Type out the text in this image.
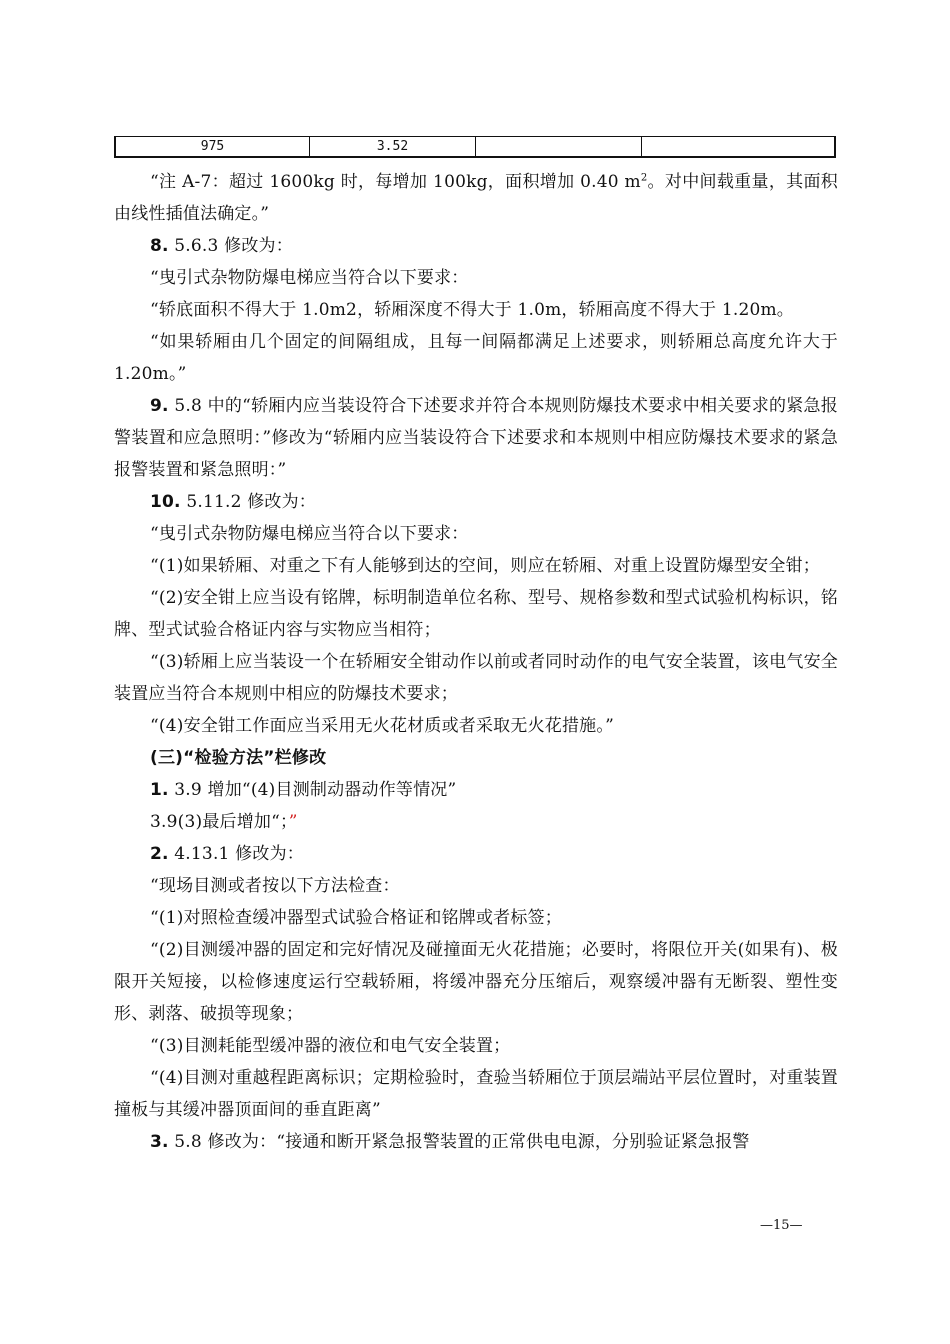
975	3.52

“注 A-7：超过 1600kg 时，每增加 100kg，面积增加 0.40 $m^2$。对中间载重量，其面积由线性插值法确定。”

8. 5.6.3 修改为：

“曳引式杂物防爆电梯应当符合以下要求：

“轿底面积不得大于 1.0m2，轿厢深度不得大于 1.0m，轿厢高度不得大于 1.20m。

“如果轿厢由几个固定的间隔组成，且每一间隔都满足上述要求，则轿厢总高度允许大于 1.20m。”

9. 5.8 中的“轿厢内应当装设符合下述要求并符合本规则防爆技术要求中相关要求的紧急报警装置和应急照明：”修改为“轿厢内应当装设符合下述要求和本规则中相应防爆技术要求的紧急报警装置和紧急照明：”

10. 5.11.2 修改为：

“曳引式杂物防爆电梯应当符合以下要求：

“(1)如果轿厢、对重之下有人能够到达的空间，则应在轿厢、对重上设置防爆型安全钳；

“(2)安全钳上应当设有铭牌，标明制造单位名称、型号、规格参数和型式试验机构标识，铭牌、型式试验合格证内容与实物应当相符；

“(3)轿厢上应当装设一个在轿厢安全钳动作以前或者同时动作的电气安全装置，该电气安全装置应当符合本规则中相应的防爆技术要求；

“(4)安全钳工作面应当采用无火花材质或者采取无火花措施。”

(三)“检验方法”栏修改

1. 3.9 增加“(4)目测制动器动作等情况”

3.9(3)最后增加“；”

2. 4.13.1 修改为：

“现场目测或者按以下方法检查：

“(1)对照检查缓冲器型式试验合格证和铭牌或者标签；

“(2)目测缓冲器的固定和完好情况及碰撞面无火花措施；必要时，将限位开关(如果有)、极限开关短接，以检修速度运行空载轿厢，将缓冲器充分压缩后，观察缓冲器有无断裂、塑性变形、剥落、破损等现象；

“(3)目测耗能型缓冲器的液位和电气安全装置；

“(4)目测对重越程距离标识；定期检验时，查验当轿厢位于顶层端站平层位置时，对重装置撞板与其缓冲器顶面间的垂直距离”

3. 5.8 修改为：“接通和断开紧急报警装置的正常供电电源，分别验证紧急报警

—15—
